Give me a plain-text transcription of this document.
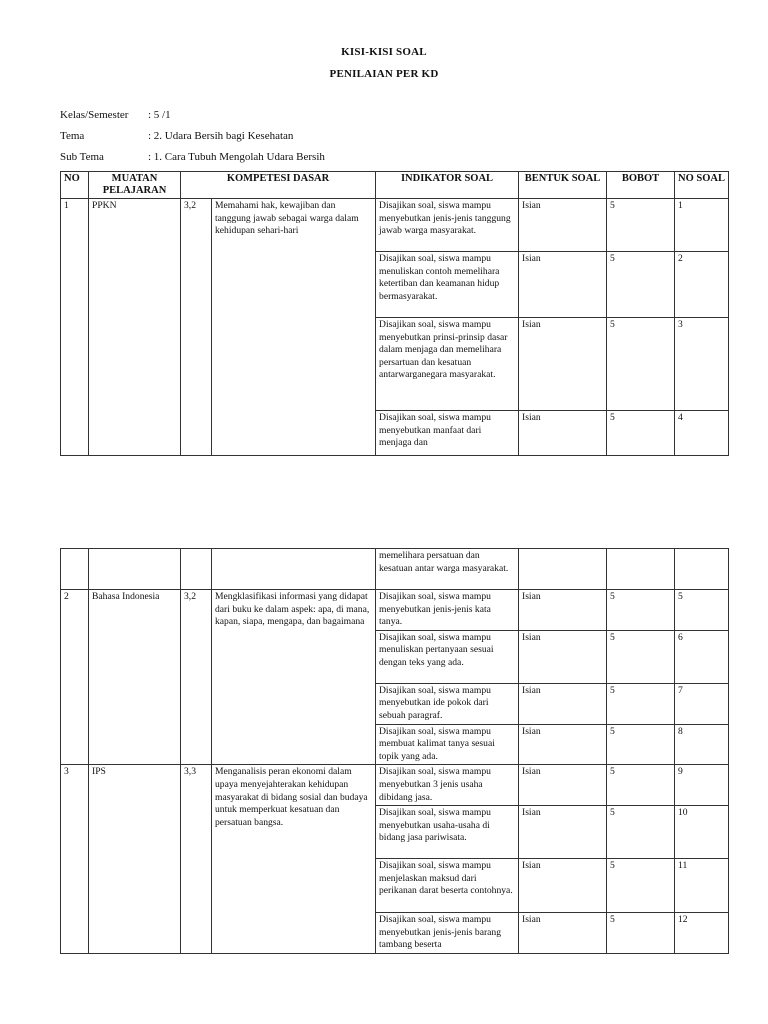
KISI-KISI SOAL
PENILAIAN PER KD
Kelas/Semester : 5 /1
Tema	: 2. Udara Bersih bagi Kesehatan
Sub Tema	: 1. Cara Tubuh Mengolah Udara Bersih
NO	MUATAN PELAJARAN	KOMPETESI DASAR		INDIKATOR SOAL	BENTUK SOAL	BOBOT	NO SOAL
1	PPKN	3,2	Memahami hak, kewajiban dan tanggung jawab sebagai warga dalam kehidupan sehari-hari	Disajikan soal, siswa mampu menyebutkan jenis-jenis tanggung jawab warga masyarakat.	Isian	5	1
				Disajikan soal, siswa mampu menuliskan contoh memelihara ketertiban dan keamanan hidup bermasyarakat.	Isian	5	2
				Disajikan soal, siswa mampu menyebutkan prinsi-prinsip dasar dalam menjaga dan memelihara persartuan dan kesatuan antarwarganegara masyarakat.	Isian	5	3
				Disajikan soal, siswa mampu menyebutkan manfaat dari menjaga dan	Isian	5	4
				memelihara persatuan dan kesatuan antar warga masyarakat.			
2	Bahasa Indonesia	3,2	Mengklasifikasi informasi yang didapat dari buku ke dalam aspek: apa, di mana, kapan, siapa, mengapa, dan bagaimana	Disajikan soal, siswa mampu menyebutkan jenis-jenis kata tanya.	Isian	5	5
				Disajikan soal, siswa mampu menuliskan pertanyaan sesuai dengan teks yang ada.	Isian	5	6
				Disajikan soal, siswa mampu menyebutkan ide pokok dari sebuah paragraf.	Isian	5	7
				Disajikan soal, siswa mampu membuat kalimat tanya sesuai topik yang ada.	Isian	5	8
3	IPS	3,3	Menganalisis peran ekonomi dalam upaya menyejahterakan kehidupan masyarakat di bidang sosial dan budaya untuk memperkuat kesatuan dan persatuan bangsa.	Disajikan soal, siswa mampu menyebutkan 3 jenis usaha dibidang jasa.	Isian	5	9
				Disajikan soal, siswa mampu menyebutkan usaha-usaha di bidang jasa pariwisata.	Isian	5	10
				Disajikan soal, siswa mampu menjelaskan maksud dari perikanan darat beserta contohnya.	Isian	5	11
				Disajikan soal, siswa mampu menyebutkan jenis-jenis barang tambang beserta	Isian	5	12
